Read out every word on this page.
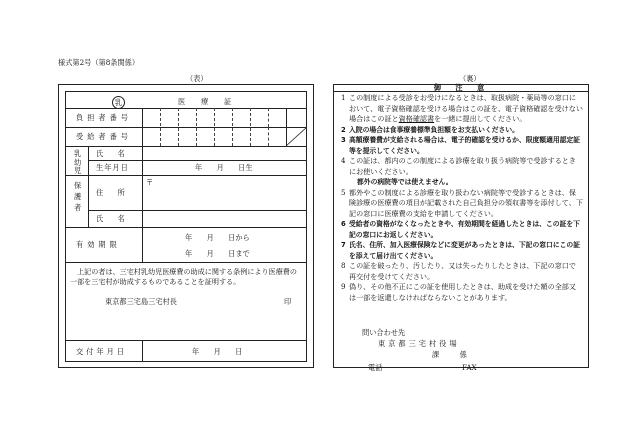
様式第2号（第8条関係）
（表）	（裏）
乳	医　　療　　証
負担者番号
受給者番号
乳幼児
氏　　名
生年月日	年　　月　　日生
保護者
住　　所
〒
氏　　名
有効期限
年　　月　　日から
年　　月　　日まで
上記の者は、三宅村乳幼児医療費の助成に関する条例により医療費の一部を三宅村が助成するものであることを証明する。
東京都三宅島三宅村長	印
交付年月日	年　　月　　日
御　　注　　意
1 この制度による受診をお受けになるときは、取扱病院・薬局等の窓口において、電子資格確認を受ける場合はこの証を、電子資格確認を受けない場合はこの証と資格確認書を一緒に提出してください。
2 入院の場合は食事療養標準負担額をお支払いください。
3 高額療養費が支給される場合は、電子的確認を受けるか、限度額適用認定証等を提示してください。
4 この証は、都内のこの制度による診療を取り扱う病院等で受診するときにお使いください。
都外の病院等では使えません。
5 都外やこの制度による診療を取り扱わない病院等で受診するときは、保険診療の医療費の項目が記載された自己負担分の領収書等を添付して、下記の窓口に医療費の支給を申請してください。
6 受給者の資格がなくなったときや、有効期間を経過したときは、この証を下記の窓口にお返しください。
7 氏名、住所、加入医療保険などに変更があったときは、下記の窓口にこの証を添えて届け出てください。
8 この証を破ったり、汚したり、又は失ったりしたときは、下記の窓口で再交付を受けてください。
9 偽り、その他不正にこの証を使用したときは、助成を受けた額の全部又は一部を返還しなければならないことがあります。
問い合わせ先
東京都三宅村役場
課　　係
電話	FAX
